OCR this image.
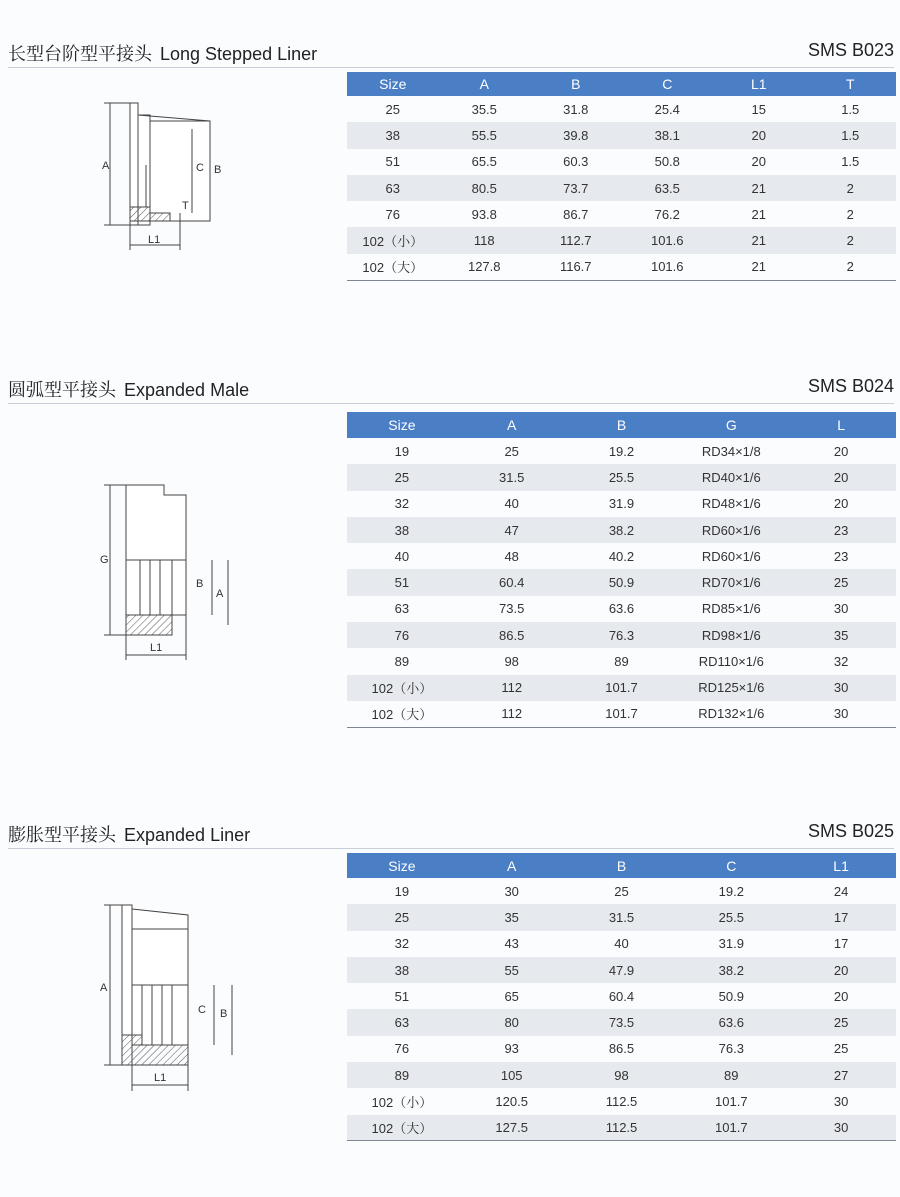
长型台阶型平接头 Long Stepped Liner	SMS B023
A	C B
T
L1
Size	A	B	C	L1	T
25	35.5	31.8	25.4	15	1.5
38	55.5	39.8	38.1	20	1.5
51	65.5	60.3	50.8	20	1.5
63	80.5	73.7	63.5	21	2
76	93.8	86.7	76.2	21	2
102（小）	118	112.7	101.6	21	2
102（大）	127.8	116.7	101.6	21	2
圆弧型平接头 Expanded Male	SMS B024
G
B
A
L1
Size	A	B	G	L
19	25	19.2	RD34×1/8	20
25	31.5	25.5	RD40×1/6	20
32	40	31.9	RD48×1/6	20
38	47	38.2	RD60×1/6	23
40	48	40.2	RD60×1/6	23
51	60.4	50.9	RD70×1/6	25
63	73.5	63.6	RD85×1/6	30
76	86.5	76.3	RD98×1/6	35
89	98	89	RD110×1/6	32
102（小）	112	101.7	RD125×1/6	30
102（大）	112	101.7	RD132×1/6	30
膨胀型平接头 Expanded Liner	SMS B025
A
C B
L1
Size	A	B	C	L1
19	30	25	19.2	24
25	35	31.5	25.5	17
32	43	40	31.9	17
38	55	47.9	38.2	20
51	65	60.4	50.9	20
63	80	73.5	63.6	25
76	93	86.5	76.3	25
89	105	98	89	27
102（小）	120.5	112.5	101.7	30
102（大）	127.5	112.5	101.7	30
